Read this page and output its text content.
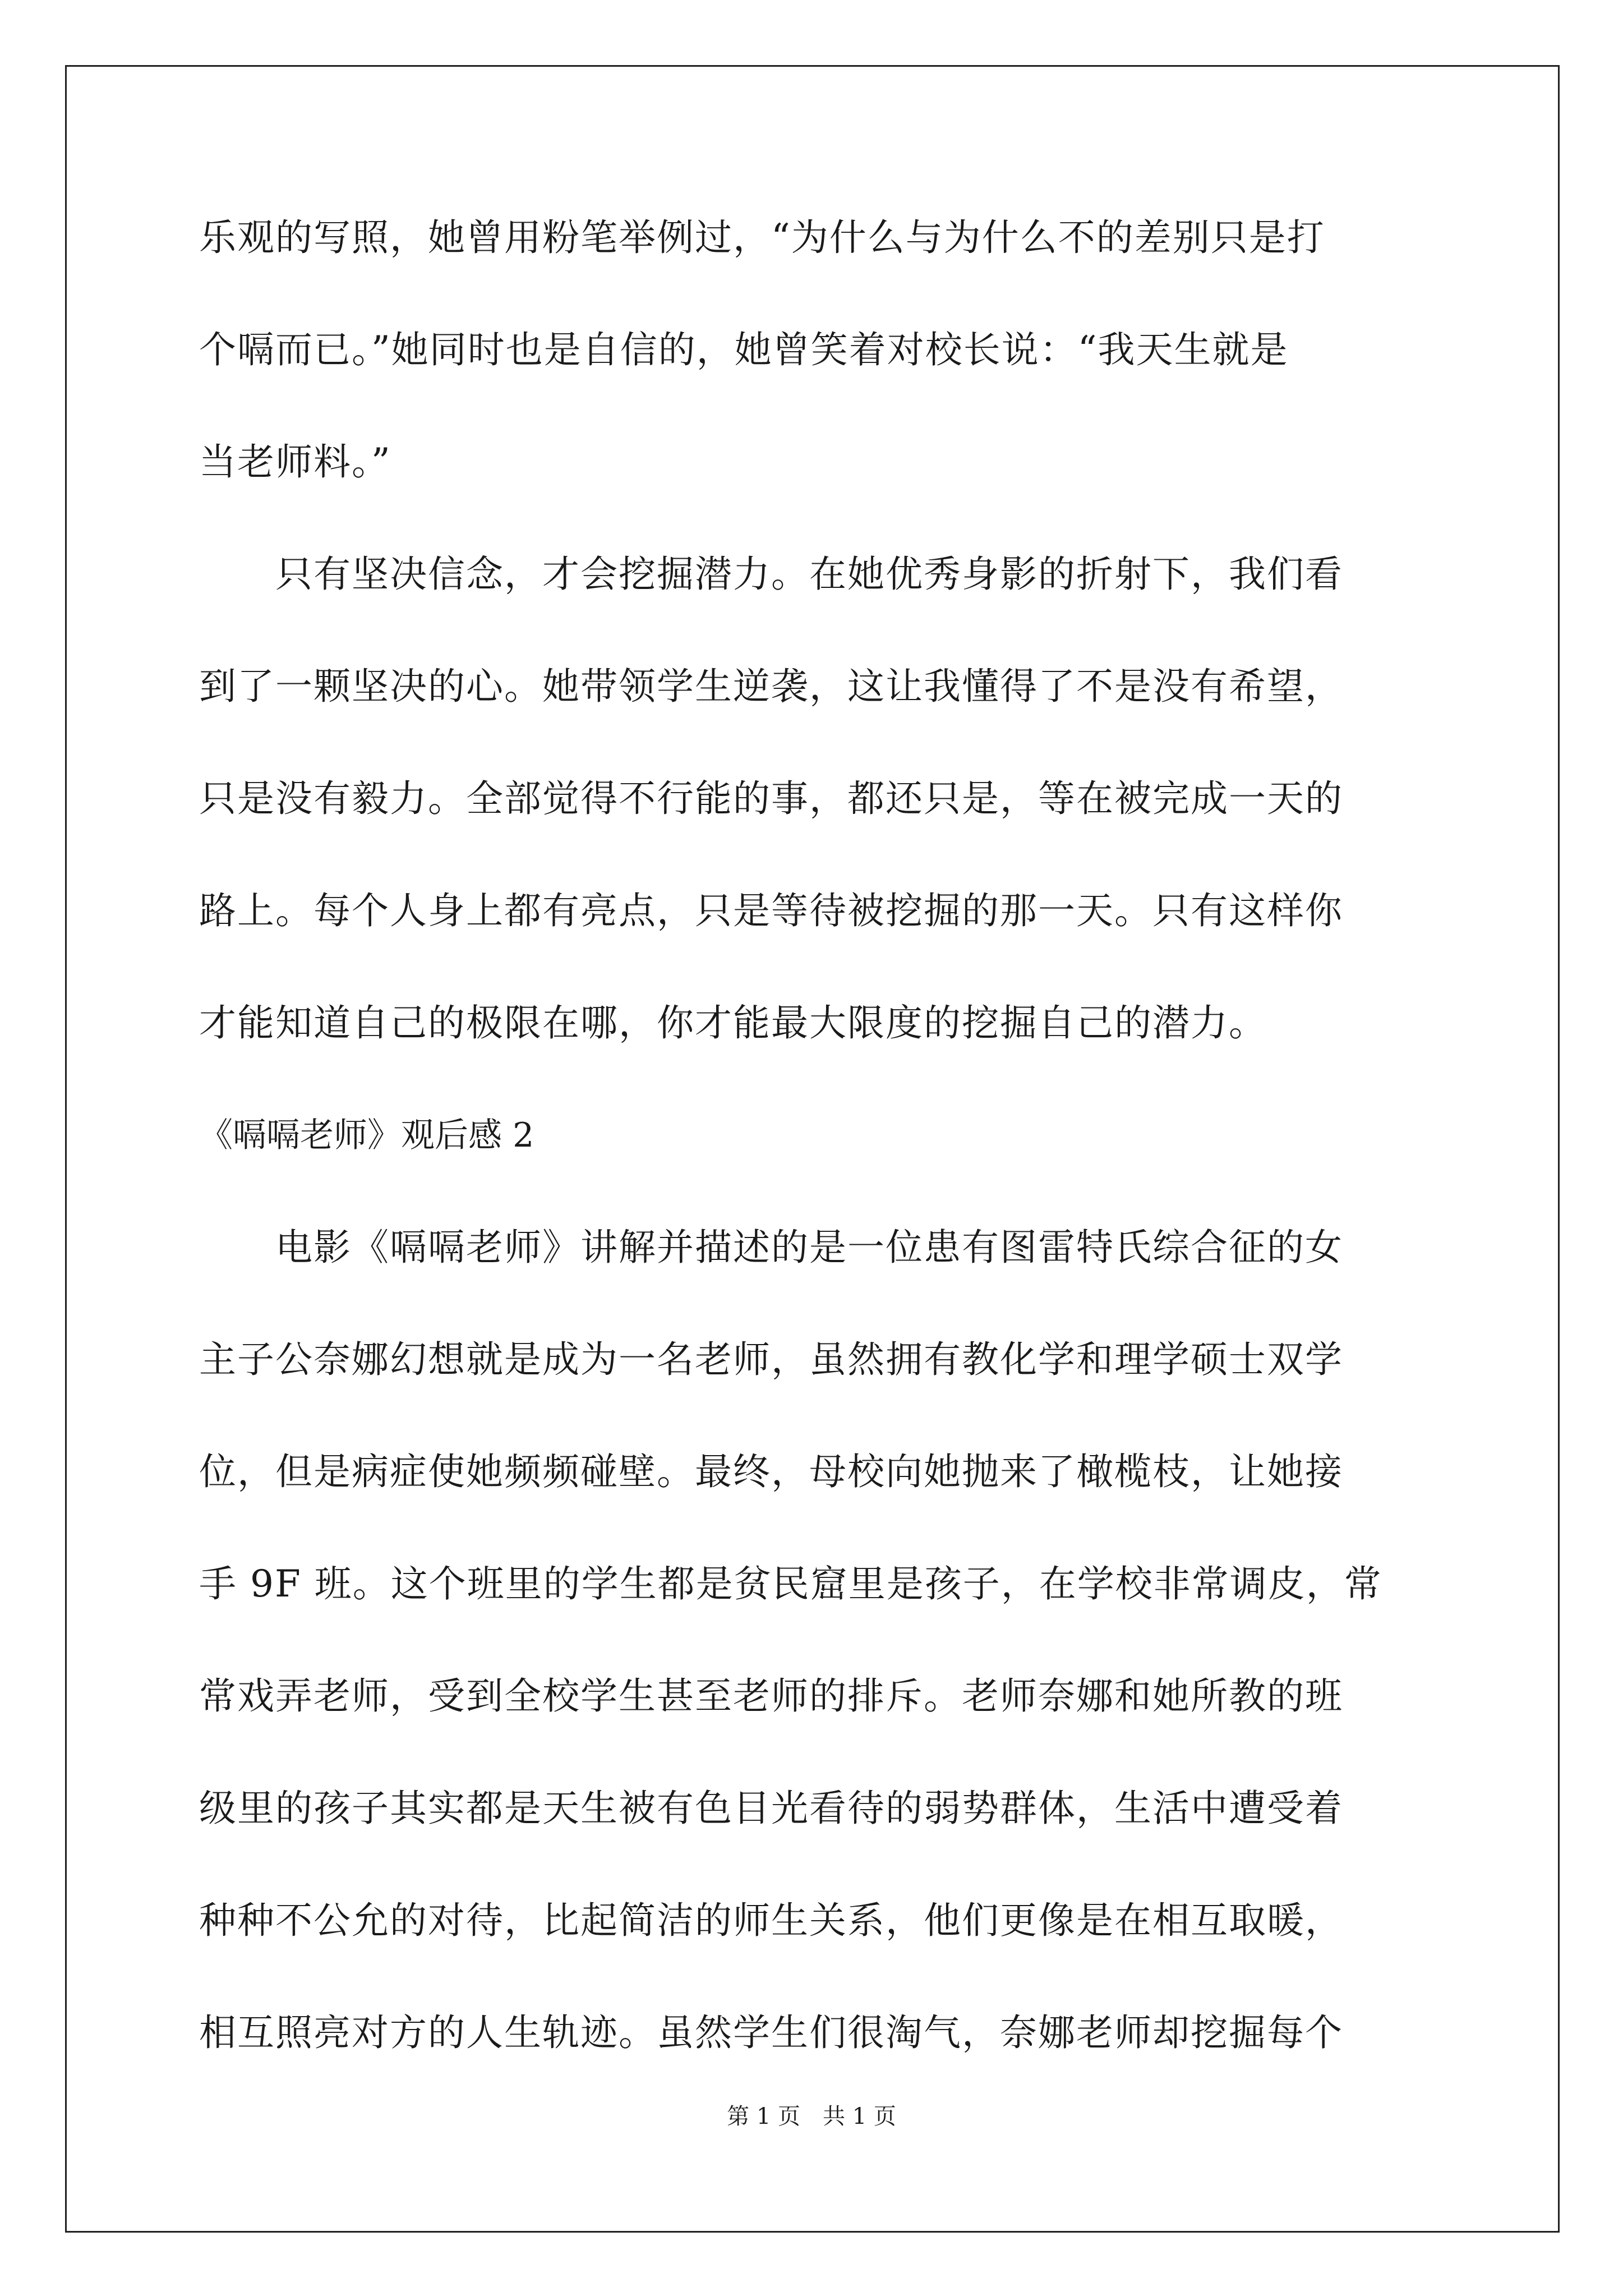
乐观的写照，她曾用粉笔举例过，“为什么与为什么不的差别只是打
个嗝而已。”她同时也是自信的，她曾笑着对校长说：“我天生就是
当老师料。”
　　只有坚决信念，才会挖掘潜力。在她优秀身影的折射下，我们看
到了一颗坚决的心。她带领学生逆袭，这让我懂得了不是没有希望，
只是没有毅力。全部觉得不行能的事，都还只是，等在被完成一天的
路上。每个人身上都有亮点，只是等待被挖掘的那一天。只有这样你
才能知道自己的极限在哪，你才能最大限度的挖掘自己的潜力。
《嗝嗝老师》观后感 2
　　电影《嗝嗝老师》讲解并描述的是一位患有图雷特氏综合征的女
主子公奈娜幻想就是成为一名老师，虽然拥有教化学和理学硕士双学
位，但是病症使她频频碰壁。最终，母校向她抛来了橄榄枝，让她接
手 9F 班。这个班里的学生都是贫民窟里是孩子，在学校非常调皮，常
常戏弄老师，受到全校学生甚至老师的排斥。老师奈娜和她所教的班
级里的孩子其实都是天生被有色目光看待的弱势群体，生活中遭受着
种种不公允的对待，比起简洁的师生关系，他们更像是在相互取暖，
相互照亮对方的人生轨迹。虽然学生们很淘气，奈娜老师却挖掘每个
第 1 页　共 1 页
